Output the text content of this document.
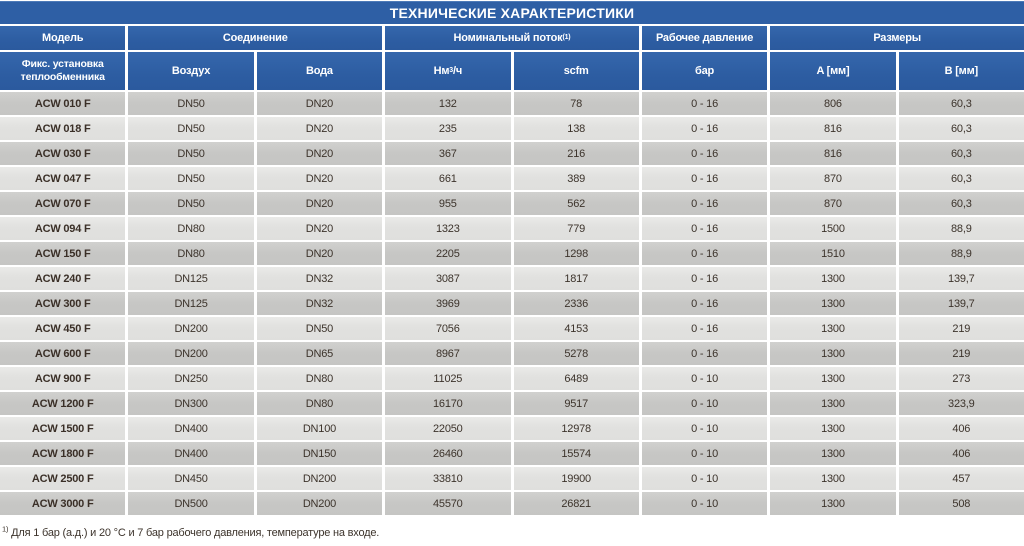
ТЕХНИЧЕСКИЕ ХАРАКТЕРИСТИКИ
Модель	Соединение	Номинальный поток (1)	Рабочее давление	Размеры
Фикс. установка теплообменника	Воздух	Вода	Нм 3 /ч	scfm	бар	A [мм]	B [мм]
ACW 010 F	DN50	DN20	132	78	0 - 16	806	60,3
ACW 018 F	DN50	DN20	235	138	0 - 16	816	60,3
ACW 030 F	DN50	DN20	367	216	0 - 16	816	60,3
ACW 047 F	DN50	DN20	661	389	0 - 16	870	60,3
ACW 070 F	DN50	DN20	955	562	0 - 16	870	60,3
ACW 094 F	DN80	DN20	1323	779	0 - 16	1500	88,9
ACW 150 F	DN80	DN20	2205	1298	0 - 16	1510	88,9
ACW 240 F	DN125	DN32	3087	1817	0 - 16	1300	139,7
ACW 300 F	DN125	DN32	3969	2336	0 - 16	1300	139,7
ACW 450 F	DN200	DN50	7056	4153	0 - 16	1300	219
ACW 600 F	DN200	DN65	8967	5278	0 - 16	1300	219
ACW 900 F	DN250	DN80	11025	6489	0 - 10	1300	273
ACW 1200 F	DN300	DN80	16170	9517	0 - 10	1300	323,9
ACW 1500 F	DN400	DN100	22050	12978	0 - 10	1300	406
ACW 1800 F	DN400	DN150	26460	15574	0 - 10	1300	406
ACW 2500 F	DN450	DN200	33810	19900	0 - 10	1300	457
ACW 3000 F	DN500	DN200	45570	26821	0 - 10	1300	508
$^{1)}$ Для 1 бар (а.д.) и 20 °C и 7 бар рабочего давления, температуре на входе.
